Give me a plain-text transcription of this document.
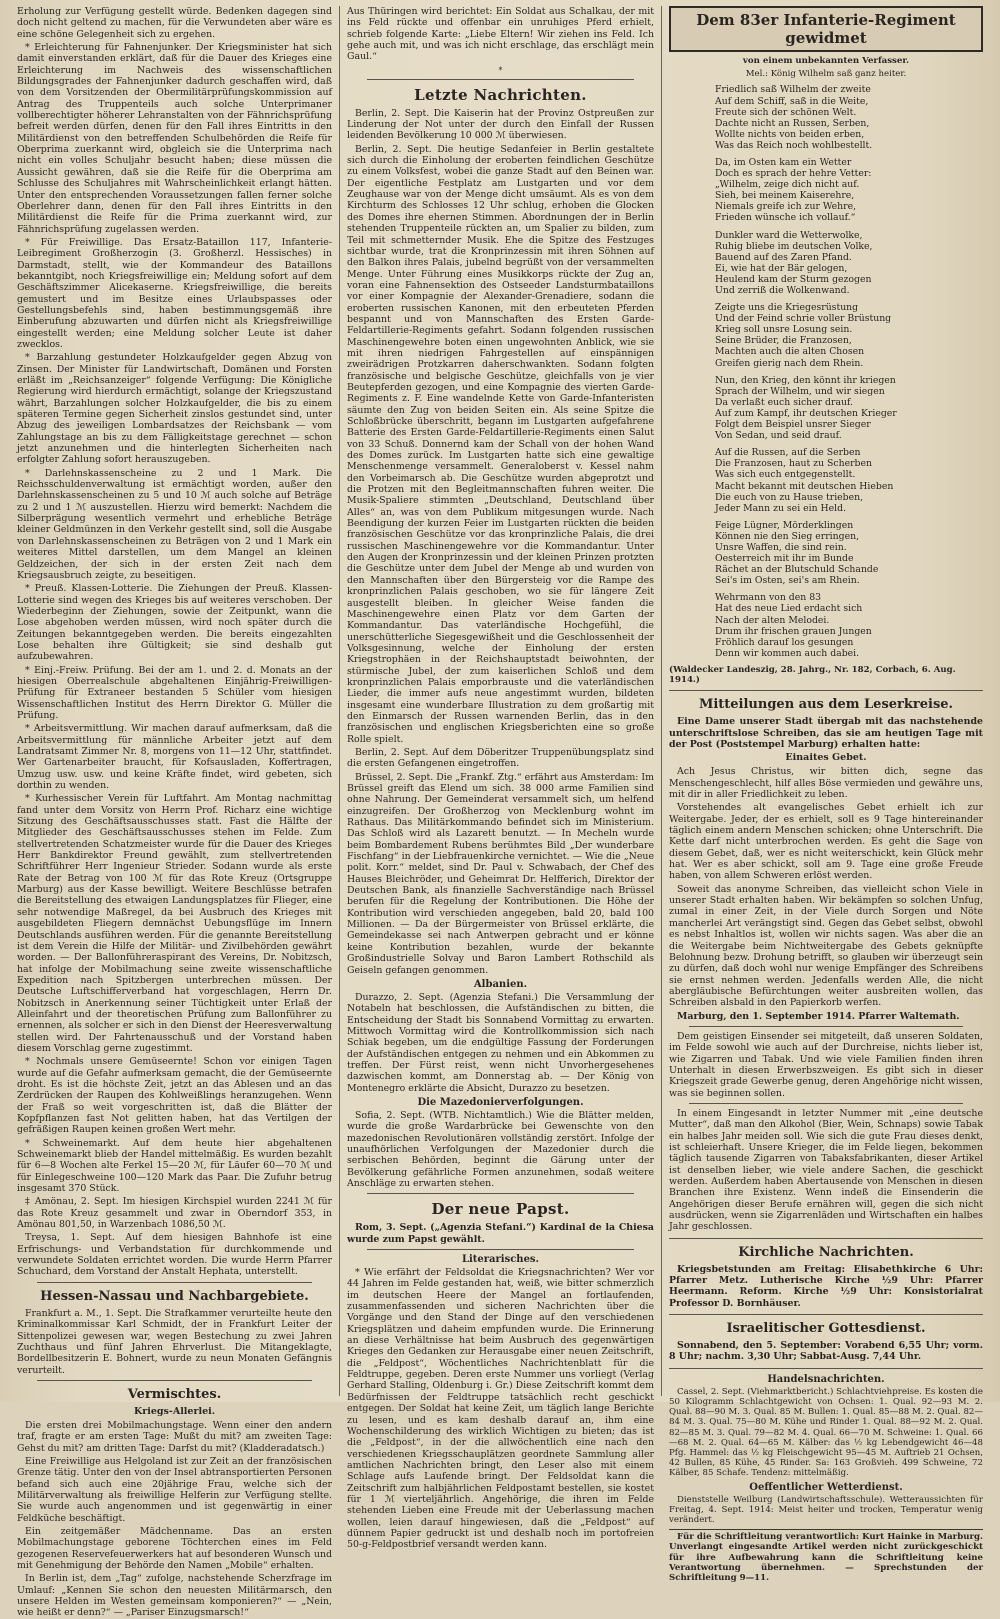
Erholung zur Verfügung gestellt würde. Bedenken dagegen sind doch nicht geltend zu machen, für die Verwundeten aber wäre es eine schöne Gelegenheit sich zu ergehen.

* Erleichterung für Fahnenjunker. Der Kriegsminister hat sich damit einverstanden erklärt, daß für die Dauer des Krieges eine Erleichterung im Nachweis des wissenschaftlichen Bildungsgrades der Fahnenjunker dadurch geschaffen wird, daß von dem Vorsitzenden der Obermilitärprüfungskommission auf Antrag des Truppenteils auch solche Unterprimaner vollberechtigter höherer Lehranstalten von der Fähnrichsprüfung befreit werden dürfen, denen für den Fall ihres Eintritts in den Militärdienst von den betreffenden Schulbehörden die Reife für Oberprima zuerkannt wird, obgleich sie die Unterprima nach nicht ein volles Schuljahr besucht haben; diese müssen die Aussicht gewähren, daß sie die Reife für die Oberprima am Schlusse des Schuljahres mit Wahrscheinlichkeit erlangt hätten. Unter den entsprechenden Voraussetzungen fallen ferner solche Oberlehrer dann, denen für den Fall ihres Eintritts in den Militärdienst die Reife für die Prima zuerkannt wird, zur Fähnrichsprüfung zugelassen werden.

* Für Freiwillige. Das Ersatz-Bataillon 117, Infanterie-Leibregiment Großherzogin (3. Großherzl. Hessisches) in Darmstadt, stellt, wie der Kommandeur des Bataillons bekanntgibt, noch Kriegsfreiwillige ein; Meldung sofort auf dem Geschäftszimmer Alicekaserne. Kriegsfreiwillige, die bereits gemustert und im Besitze eines Urlaubspasses oder Gestellungsbefehls sind, haben bestimmungsgemäß ihre Einberufung abzuwarten und dürfen nicht als Kriegsfreiwillige eingestellt werden; eine Meldung solcher Leute ist daher zwecklos.

* Barzahlung gestundeter Holzkaufgelder gegen Abzug von Zinsen. Der Minister für Landwirtschaft, Domänen und Forsten erläßt im „Reichsanzeiger“ folgende Verfügung: Die Königliche Regierung wird hierdurch ermächtigt, solange der Kriegszustand währt, Barzahlungen solcher Holzkaufgelder, die bis zu einem späteren Termine gegen Sicherheit zinslos gestundet sind, unter Abzug des jeweiligen Lombardsatzes der Reichsbank — vom Zahlungstage an bis zu dem Fälligkeitstage gerechnet — schon jetzt anzunehmen und die hinterlegten Sicherheiten nach erfolgter Zahlung sofort herauszugeben.

* Darlehnskassenscheine zu 2 und 1 Mark. Die Reichsschuldenverwaltung ist ermächtigt worden, außer den Darlehnskassenscheinen zu 5 und 10 ℳ auch solche auf Beträge zu 2 und 1 ℳ auszustellen. Hierzu wird bemerkt: Nachdem die Silberprägung wesentlich vermehrt und erhebliche Beträge kleiner Geldmünzen in den Verkehr gestellt sind, soll die Ausgabe von Darlehnskassenscheinen zu Beträgen von 2 und 1 Mark ein weiteres Mittel darstellen, um dem Mangel an kleinen Geldzeichen, der sich in der ersten Zeit nach dem Kriegsausbruch zeigte, zu beseitigen.

* Preuß. Klassen-Lotterie. Die Ziehungen der Preuß. Klassen-Lotterie sind wegen des Krieges bis auf weiteres verschoben. Der Wiederbeginn der Ziehungen, sowie der Zeitpunkt, wann die Lose abgehoben werden müssen, wird noch später durch die Zeitungen bekanntgegeben werden. Die bereits eingezahlten Lose behalten ihre Gültigkeit; sie sind deshalb gut aufzubewahren.

* Einj.-Freiw. Prüfung. Bei der am 1. und 2. d. Monats an der hiesigen Oberrealschule abgehaltenen Einjährig-Freiwilligen-Prüfung für Extraneer bestanden 5 Schüler vom hiesigen Wissenschaftlichen Institut des Herrn Direktor G. Müller die Prüfung.

* Arbeitsvermittlung. Wir machen darauf aufmerksam, daß die Arbeitsvermittlung für männliche Arbeiter jetzt auf dem Landratsamt Zimmer Nr. 8, morgens von 11—12 Uhr, stattfindet. Wer Gartenarbeiter braucht, für Kofsausladen, Koffertragen, Umzug usw. usw. und keine Kräfte findet, wird gebeten, sich dorthin zu wenden.

* Kurhessischer Verein für Luftfahrt. Am Montag nachmittag fand unter dem Vorsitz von Herrn Prof. Richarz eine wichtige Sitzung des Geschäftsausschusses statt. Fast die Hälfte der Mitglieder des Geschäftsausschusses stehen im Felde. Zum stellvertretenden Schatzmeister wurde für die Dauer des Krieges Herr Bankdirektor Freund gewählt, zum stellvertretenden Schriftführer Herr Ingenieur Strieder. Sodann wurde als erste Rate der Betrag von 100 ℳ für das Rote Kreuz (Ortsgruppe Marburg) aus der Kasse bewilligt. Weitere Beschlüsse betrafen die Bereitstellung des etwaigen Landungsplatzes für Flieger, eine sehr notwendige Maßregel, da bei Ausbruch des Krieges mit ausgebildeten Fliegern demnächst Uebungsflüge im Innern Deutschlands ausführen werden. Für die genannte Bereitstellung ist dem Verein die Hilfe der Militär- und Zivilbehörden gewährt worden. — Der Ballonführeraspirant des Vereins, Dr. Nobitzsch, hat infolge der Mobilmachung seine zweite wissenschaftliche Expedition nach Spitzbergen unterbrechen müssen. Der Deutsche Luftschifferverband hat vorgeschlagen, Herrn Dr. Nobitzsch in Anerkennung seiner Tüchtigkeit unter Erlaß der Alleinfahrt und der theoretischen Prüfung zum Ballonführer zu ernennen, als solcher er sich in den Dienst der Heeresverwaltung stellen wird. Der Fahrtenausschuß und der Vorstand haben diesem Vorschlag gerne zugestimmt.

* Nochmals unsere Gemüseernte! Schon vor einigen Tagen wurde auf die Gefahr aufmerksam gemacht, die der Gemüseernte droht. Es ist die höchste Zeit, jetzt an das Ablesen und an das Zerdrücken der Raupen des Kohlweißlings heranzugehen. Wenn der Fraß so weit vorgeschritten ist, daß die Blätter der Kopfpflanzen fast Not gelitten haben, hat das Vertilgen der gefräßigen Raupen keinen großen Wert mehr.

* Schweinemarkt. Auf dem heute hier abgehaltenen Schweinemarkt blieb der Handel mittelmäßig. Es wurden bezahlt für 6—8 Wochen alte Ferkel 15—20 ℳ, für Läufer 60—70 ℳ und für Einlegeschweine 100—120 Mark das Paar. Die Zufuhr betrug insgesamt 370 Stück.

‡ Amönau, 2. Sept. Im hiesigen Kirchspiel wurden 2241 ℳ für das Rote Kreuz gesammelt und zwar in Oberndorf 353, in Amönau 801,50, in Warzenbach 1086,50 ℳ.

Treysa, 1. Sept. Auf dem hiesigen Bahnhofe ist eine Erfrischungs- und Verbandstation für durchkommende und verwundete Soldaten errichtet worden. Die wurde Herrn Pfarrer Schuchard, dem Vorstand der Anstalt Hephata, unterstellt.

Hessen-Nassau und Nachbargebiete.

Frankfurt a. M., 1. Sept. Die Strafkammer verurteilte heute den Kriminalkommissar Karl Schmidt, der in Frankfurt Leiter der Sittenpolizei gewesen war, wegen Bestechung zu zwei Jahren Zuchthaus und fünf Jahren Ehrverlust. Die Mitangeklagte, Bordellbesitzerin E. Bohnert, wurde zu neun Monaten Gefängnis verurteilt.

Vermischtes.
Kriegs-Allerlei.

Die ersten drei Mobilmachungstage. Wenn einer den andern traf, fragte er am ersten Tage: Mußt du mit? am zweiten Tage: Gehst du mit? am dritten Tage: Darfst du mit? (Kladderadatsch.)

Eine Freiwillige aus Helgoland ist zur Zeit an der französischen Grenze tätig. Unter den von der Insel abtransportierten Personen befand sich auch eine 20jährige Frau, welche sich der Militärverwaltung als freiwillige Helferin zur Verfügung stellte. Sie wurde auch angenommen und ist gegenwärtig in einer Feldküche beschäftigt.

Ein zeitgemäßer Mädchenname. Das an ersten Mobilmachungstage geborene Töchterchen eines im Feld gezogenen Reservefeuerwerkers hat auf besonderen Wunsch und mit Genehmigung der Behörde den Namen „Mobile“ erhalten.

In Berlin ist, dem „Tag“ zufolge, nachstehende Scherzfrage im Umlauf: „Kennen Sie schon den neuesten Militärmarsch, den unsere Helden im Westen gemeinsam komponieren?“ — „Nein, wie heißt er denn?“ — „Pariser Einzugsmarsch!“

Aus Thüringen wird berichtet: Ein Soldat aus Schalkau, der mit ins Feld rückte und offenbar ein unruhiges Pferd erhielt, schrieb folgende Karte: „Liebe Eltern! Wir ziehen ins Feld. Ich gehe auch mit, und was ich nicht erschlage, das erschlägt mein Gaul.“

*
Letzte Nachrichten.

Berlin, 2. Sept. Die Kaiserin hat der Provinz Ostpreußen zur Linderung der Not unter der durch den Einfall der Russen leidenden Bevölkerung 10 000 ℳ überwiesen.

Berlin, 2. Sept. Die heutige Sedanfeier in Berlin gestaltete sich durch die Einholung der eroberten feindlichen Geschütze zu einem Volksfest, wobei die ganze Stadt auf den Beinen war. Der eigentliche Festplatz am Lustgarten und vor dem Zeughause war von der Menge dicht umsäumt. Als es von dem Kirchturm des Schlosses 12 Uhr schlug, erhoben die Glocken des Domes ihre ehernen Stimmen. Abordnungen der in Berlin stehenden Truppenteile rückten an, um Spalier zu bilden, zum Teil mit schmetternder Musik. Ehe die Spitze des Festzuges sichtbar wurde, trat die Kronprinzessin mit ihren Söhnen auf den Balkon ihres Palais, jubelnd begrüßt von der versammelten Menge. Unter Führung eines Musikkorps rückte der Zug an, voran eine Fahnensektion des Ostseeder Landsturmbataillons vor einer Kompagnie der Alexander-Grenadiere, sodann die eroberten russischen Kanonen, mit den erbeuteten Pferden bespannt und von Mannschaften des Ersten Garde-Feldartillerie-Regiments gefahrt. Sodann folgenden russischen Maschinengewehre boten einen ungewohnten Anblick, wie sie mit ihren niedrigen Fahrgestellen auf einspännigen zweirädrigen Protzkarren daherschwankten. Sodann folgten französische und belgische Geschütze, gleichfalls von je vier Beutepferden gezogen, und eine Kompagnie des vierten Garde-Regiments z. F. Eine wandelnde Kette von Garde-Infanteristen säumte den Zug von beiden Seiten ein. Als seine Spitze die Schloßbrücke überschritt, begann im Lustgarten aufgefahrene Batterie des Ersten Garde-Feldartillerie-Regiments einen Salut von 33 Schuß. Donnernd kam der Schall von der hohen Wand des Domes zurück. Im Lustgarten hatte sich eine gewaltige Menschenmenge versammelt. Generaloberst v. Kessel nahm den Vorbeimarsch ab. Die Geschütze wurden abgeprotzt und die Protzen mit den Begleitmannschaften fuhren weiter. Die Musik-Spaliere stimmten „Deutschland, Deutschland über Alles“ an, was von dem Publikum mitgesungen wurde. Nach Beendigung der kurzen Feier im Lustgarten rückten die beiden französischen Geschütze vor das kronprinzliche Palais, die drei russischen Maschinengewehre vor die Kommandantur. Unter den Augen der Kronprinzessin und der kleinen Prinzen protzten die Geschütze unter dem Jubel der Menge ab und wurden von den Mannschaften über den Bürgersteig vor die Rampe des kronprinzlichen Palais geschoben, wo sie für längere Zeit ausgestellt bleiben. In gleicher Weise fanden die Maschinengewehre einen Platz vor dem Garten der Kommandantur. Das vaterländische Hochgefühl, die unerschütterliche Siegesgewißheit und die Geschlossenheit der Volksgesinnung, welche der Einholung der ersten Kriegstrophäen in der Reichshauptstadt beiwohnten, der stürmische Jubel, der zum kaiserlichen Schloß und dem kronprinzlichen Palais emporbrauste und die vaterländischen Lieder, die immer aufs neue angestimmt wurden, bildeten insgesamt eine wunderbare Illustration zu dem großartig mit den Einmarsch der Russen warnenden Berlin, das in den französischen und englischen Kriegsberichten eine so große Rolle spielt.

Berlin, 2. Sept. Auf dem Döberitzer Truppenübungsplatz sind die ersten Gefangenen eingetroffen.

Brüssel, 2. Sept. Die „Frankf. Ztg.“ erfährt aus Amsterdam: Im Brüssel greift das Elend um sich. 38 000 arme Familien sind ohne Nahrung. Der Gemeinderat versammelt sich, um helfend einzugreifen. Der Großherzog von Mecklenburg wohnt im Rathaus. Das Militärkommando befindet sich im Ministerium. Das Schloß wird als Lazarett benutzt. — In Mecheln wurde beim Bombardement Rubens berühmtes Bild „Der wunderbare Fischfang“ in der Liebfrauenkirche vernichtet. — Wie die „Neue polit. Korr.“ meldet, sind Dr. Paul v. Schwabach, der Chef des Hauses Bleichröder, und Geheimrat Dr. Helfferich, Direktor der Deutschen Bank, als finanzielle Sachverständige nach Brüssel berufen für die Regelung der Kontributionen. Die Höhe der Kontribution wird verschieden angegeben, bald 20, bald 100 Millionen. — Da der Bürgermeister von Brüssel erklärte, die Gemeindekasse sei nach Antwerpen gebracht und er könne keine Kontribution bezahlen, wurde der bekannte Großindustrielle Solvay und Baron Lambert Rothschild als Geiseln gefangen genommen.

Albanien.

Durazzo, 2. Sept. (Agenzia Stefani.) Die Versammlung der Notabeln hat beschlossen, die Aufständischen zu bitten, die Entscheidung der Stadt bis Sonnabend Vormittag zu erwarten. Mittwoch Vormittag wird die Kontrollkommission sich nach Schiak begeben, um die endgültige Fassung der Forderungen der Aufständischen entgegen zu nehmen und ein Abkommen zu treffen. Der Fürst reist, wenn nicht Unvorhergesehenes dazwischen kommt, am Donnerstag ab. — Der König von Montenegro erklärte die Absicht, Durazzo zu besetzen.

Die Mazedonierverfolgungen.

Sofia, 2. Sept. (WTB. Nichtamtlich.) Wie die Blätter melden, wurde die große Wardarbrücke bei Gewenschte von den mazedonischen Revolutionären vollständig zerstört. Infolge der unaufhörlichen Verfolgungen der Mazedonier durch die serbischen Behörden, beginnt die Gärung unter der Bevölkerung gefährliche Formen anzunehmen, sodaß weitere Anschläge zu erwarten stehen.

Der neue Papst.

Rom, 3. Sept. („Agenzia Stefani.“) Kardinal de la Chiesa wurde zum Papst gewählt.

Literarisches.

* Wie erfährt der Feldsoldat die Kriegsnachrichten? Wer vor 44 Jahren im Felde gestanden hat, weiß, wie bitter schmerzlich im deutschen Heere der Mangel an fortlaufenden, zusammenfassenden und sicheren Nachrichten über die Vorgänge und den Stand der Dinge auf den verschiedenen Kriegsplätzen und daheim empfunden wurde. Die Erinnerung an diese Verhältnisse hat beim Ausbruch des gegenwärtigen Krieges den Gedanken zur Herausgabe einer neuen Zeitschrift, die „Feldpost“, Wöchentliches Nachrichtenblatt für die Feldtruppe, gegeben. Deren erste Nummer uns vorliegt (Verlag Gerhard Stalling, Oldenburg i. Gr.) Diese Zeitschrift kommt dem Bedürfnissen der Feldtruppe tatsächlich recht geschickt entgegen. Der Soldat hat keine Zeit, um täglich lange Berichte zu lesen, und es kam deshalb darauf an, ihm eine Wochenschilderung des wirklich Wichtigen zu bieten; das ist die „Feldpost“, in der die allwöchentlich eine nach den verschiedenen Kriegsschauplätzen geordnete Sammlung aller amtlichen Nachrichten bringt, den Leser also mit einem Schlage aufs Laufende bringt. Der Feldsoldat kann die Zeitschrift zum halbjährlichen Feldpostamt bestellen, sie kostet für 1 ℳ vierteljährlich. Angehörige, die ihren im Felde stehenden Lieben eine Freude mit der Ueberlassung machen wollen, leien darauf hingewiesen, daß die „Feldpost“ auf dünnem Papier gedruckt ist und deshalb noch im portofreien 50-g-Feldpostbrief versandt werden kann.

Dem 83er Infanterie-Regiment gewidmet
von einem unbekannten Verfasser.
Mel.: König Wilhelm saß ganz heiter.
Friedlich saß Wilhelm der zweite
Auf dem Schiff, saß in die Weite,
Freute sich der schönen Welt.
Dachte nicht an Russen, Serben,
Wollte nichts von beiden erben,
Was das Reich noch wohlbestellt.
Da, im Osten kam ein Wetter
Doch es sprach der hehre Vetter:
„Wilhelm, zeige dich nicht auf.
Sieh, bei meinem Kaiserehre,
Niemals greife ich zur Wehre,
Frieden wünsche ich vollauf.“
Dunkler ward die Wetterwolke,
Ruhig bliebe im deutschen Volke,
Bauend auf des Zaren Pfand.
Ei, wie hat der Bär gelogen,
Heulend kam der Sturm gezogen
Und zerriß die Wolkenwand.
Zeigte uns die Kriegesrüstung
Und der Feind schrie voller Brüstung
Krieg soll unsre Losung sein.
Seine Brüder, die Franzosen,
Machten auch die alten Chosen
Greifen gierig nach dem Rhein.
Nun, den Krieg, den könnt ihr kriegen
Sprach der Wilhelm, und wir siegen
Da verlaßt euch sicher drauf.
Auf zum Kampf, ihr deutschen Krieger
Folgt dem Beispiel unsrer Sieger
Von Sedan, und seid drauf.
Auf die Russen, auf die Serben
Die Franzosen, haut zu Scherben
Was sich euch entgegenstellt.
Macht bekannt mit deutschen Hieben
Die euch von zu Hause trieben,
Jeder Mann zu sei ein Held.
Feige Lügner, Mörderklingen
Können nie den Sieg erringen,
Unsre Waffen, die sind rein.
Oesterreich mit ihr im Bunde
Rächet an der Blutschuld Schande
Sei's im Osten, sei's am Rhein.
Wehrmann von den 83
Hat des neue Lied erdacht sich
Nach der alten Melodei.
Drum ihr frischen grauen Jungen
Fröhlich darauf los gesungen
Denn wir kommen auch dabei.
(Waldecker Landeszig, 28. Jahrg., Nr. 182, Corbach, 6. Aug. 1914.)
Mitteilungen aus dem Leserkreise.

Eine Dame unserer Stadt übergab mit das nachstehende unterschriftslose Schreiben, das sie am heutigen Tage mit der Post (Poststempel Marburg) erhalten hatte:

Einaites Gebet.

Ach Jesus Christus, wir bitten dich, segne das Menschengeschlecht, hilf alles Böse vermieden und gewähre uns, mit dir in aller Friedlichkeit zu leben.

Vorstehendes alt evangelisches Gebet erhielt ich zur Weitergabe. Jeder, der es erhielt, soll es 9 Tage hintereinander täglich einem andern Menschen schicken; ohne Unterschrift. Die Kette darf nicht unterbrochen werden. Es geht die Sage von diesem Gebet, daß, wer es nicht weiterschickt, kein Glück mehr hat. Wer es aber schickt, soll am 9. Tage eine große Freude haben, von allem Schweren erlöst werden.

Soweit das anonyme Schreiben, das vielleicht schon Viele in unserer Stadt erhalten haben. Wir bekämpfen so solchen Unfug, zumal in einer Zeit, in der Viele durch Sorgen und Nöte mancherlei Art verängstigt sind. Gegen das Gebet selbst, obwohl es nebst Inhaltlos ist, wollen wir nichts sagen. Was aber die an die Weitergabe beim Nichtweitergabe des Gebets geknüpfte Belohnung bezw. Drohung betrifft, so glauben wir überzeugt sein zu dürfen, daß doch wohl nur wenige Empfänger des Schreibens sie ernst nehmen werden. Jedenfalls werden Alle, die nicht abergläubische Befürchtungen weiter ausbreiten wollen, das Schreiben alsbald in den Papierkorb werfen.

Marburg, den 1. September 1914. Pfarrer Waltemath.

Dem geistigen Einsender sei mitgeteilt, daß unseren Soldaten, im Felde sowohl wie auch auf der Durchreise, nichts lieber ist, wie Zigarren und Tabak. Und wie viele Familien finden ihren Unterhalt in diesen Erwerbszweigen. Es gibt sich in dieser Kriegszeit grade Gewerbe genug, deren Angehörige nicht wissen, was sie beginnen sollen.

In einem Eingesandt in letzter Nummer mit „eine deutsche Mutter“, daß man den Alkohol (Bier, Wein, Schnaps) sowie Tabak ein halbes Jahr meiden soll. Wie sich die gute Frau dieses denkt, ist schleierhaft. Unsere Krieger, die im Felde liegen, bekommen täglich tausende Zigarren von Tabaksfabrikanten, dieser Artikel ist denselben lieber, wie viele andere Sachen, die geschickt werden. Außerdem haben Abertausende von Menschen in diesen Branchen ihre Existenz. Wenn indeß die Einsenderin die Angehörigen dieser Berufe ernähren will, gegen die sich nicht ausdrücken, wenn sie Zigarrenläden und Wirtschaften ein halbes Jahr geschlossen.

Kirchliche Nachrichten.

Kriegsbetstunden am Freitag: Elisabethkirche 6 Uhr: Pfarrer Metz. Lutherische Kirche ½9 Uhr: Pfarrer Heermann. Reform. Kirche ½9 Uhr: Konsistorialrat Professor D. Bornhäuser.

Israelitischer Gottesdienst.

Sonnabend, den 5. September: Vorabend 6,55 Uhr; vorm. 8 Uhr; nachm. 3,30 Uhr; Sabbat-Ausg. 7,44 Uhr.

Handelsnachrichten.

Cassel, 2. Sept. (Viehmarktbericht.) Schlachtviehpreise. Es kosten die 50 Kilogramm Schlachtgewicht von Ochsen: 1. Qual. 92—93 M. 2. Qual. 88—90 M. 3. Qual. 85 M. Bullen: 1. Qual. 85—88 M. 2. Qual. 82—84 M. 3. Qual. 75—80 M. Kühe und Rinder 1. Qual. 88—92 M. 2. Qual. 82—85 M. 3. Qual. 79—82 M. 4. Qual. 66—70 M. Schweine: 1. Qual. 66—68 M. 2. Qual. 64—65 M. Kälber: das ½ kg Lebendgewicht 46—48 Pfg. Hammel: das ½ kg Fleischgewicht 95—45 M. Auftrieb 21 Ochsen, 42 Bullen, 85 Kühe, 45 Rinder. Sa: 163 Großvieh. 499 Schweine, 72 Kälber, 85 Schafe. Tendenz: mittelmäßig.

Oeffentlicher Wetterdienst.

Dienststelle Weilburg (Landwirtschaftsschule). Wetteraussichten für Freitag, 4. Sept. 1914: Meist heiter und trocken, Temperatur wenig verändert.

Für die Schriftleitung verantwortlich: Kurt Hainke in Marburg. Unverlangt eingesandte Artikel werden nicht zurückgeschickt für ihre Aufbewahrung kann die Schriftleitung keine Verantwortung übernehmen. — Sprechstunden der Schriftleitung 9—11.
